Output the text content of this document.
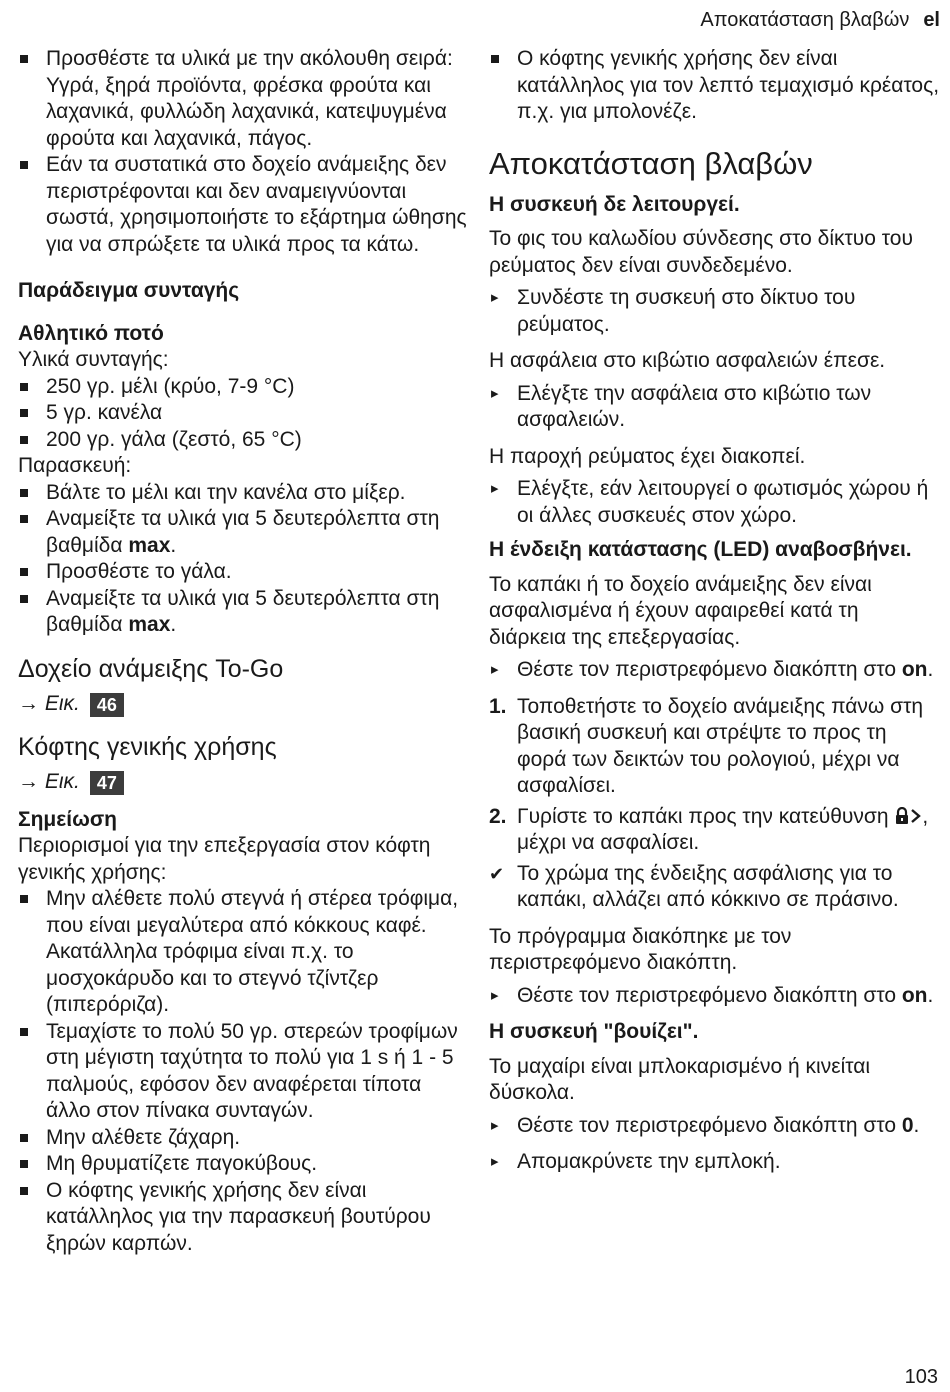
Αποκατάσταση βλαβών el

Προσθέστε τα υλικά με την ακόλουθη σειρά: Υγρά, ξηρά προϊόντα, φρέσκα φρούτα και λαχανικά, φυλλώδη λαχανικά, κατεψυγμένα φρούτα και λαχανικά, πάγος.

Εάν τα συστατικά στο δοχείο ανάμειξης δεν περιστρέφονται και δεν αναμειγνύονται σωστά, χρησιμοποιήστε το εξάρτημα ώθησης για να σπρώξετε τα υλικά προς τα κάτω.

Παράδειγμα συνταγής

Αθλητικό ποτό

Υλικά συνταγής:

250 γρ. μέλι (κρύο, 7-9 °C)

5 γρ. κανέλα

200 γρ. γάλα (ζεστό, 65 °C)

Παρασκευή:

Βάλτε το μέλι και την κανέλα στο μίξερ.

Αναμείξτε τα υλικά για 5 δευτερόλεπτα στη βαθμίδα max.

Προσθέστε το γάλα.

Αναμείξτε τα υλικά για 5 δευτερόλεπτα στη βαθμίδα max.

Δοχείο ανάμειξης To-Go

→ Εικ. 46

Κόφτης γενικής χρήσης

→ Εικ. 47

Σημείωση

Περιορισμοί για την επεξεργασία στον κόφτη γενικής χρήσης:

Μην αλέθετε πολύ στεγνά ή στέρεα τρόφιμα, που είναι μεγαλύτερα από κόκκους καφέ. Ακατάλληλα τρόφιμα είναι π.χ. το μοσχοκάρυδο και το στεγνό τζίντζερ (πιπερόριζα).

Τεμαχίστε το πολύ 50 γρ. στερεών τροφίμων στη μέγιστη ταχύτητα το πολύ για 1 s ή 1 - 5 παλμούς, εφόσον δεν αναφέρεται τίποτα άλλο στον πίνακα συνταγών.

Μην αλέθετε ζάχαρη.

Μη θρυματίζετε παγοκύβους.

Ο κόφτης γενικής χρήσης δεν είναι κατάλληλος για την παρασκευή βουτύρου ξηρών καρπών.

Ο κόφτης γενικής χρήσης δεν είναι κατάλληλος για τον λεπτό τεμαχισμό κρέατος, π.χ. για μπολονέζε.

Αποκατάσταση βλαβών

Η συσκευή δε λειτουργεί.

Το φις του καλωδίου σύνδεσης στο δίκτυο του ρεύματος δεν είναι συνδεδεμένο.

▸ Συνδέστε τη συσκευή στο δίκτυο του ρεύματος.

Η ασφάλεια στο κιβώτιο ασφαλειών έπεσε.

▸ Ελέγξτε την ασφάλεια στο κιβώτιο των ασφαλειών.

Η παροχή ρεύματος έχει διακοπεί.

▸ Ελέγξτε, εάν λειτουργεί ο φωτισμός χώρου ή οι άλλες συσκευές στον χώρο.

Η ένδειξη κατάστασης (LED) αναβοσβήνει.

Το καπάκι ή το δοχείο ανάμειξης δεν είναι ασφαλισμένα ή έχουν αφαιρεθεί κατά τη διάρκεια της επεξεργασίας.

▸ Θέστε τον περιστρεφόμενο διακόπτη στο on.

1. Τοποθετήστε το δοχείο ανάμειξης πάνω στη βασική συσκευή και στρέψτε το προς τη φορά των δεικτών του ρολογιού, μέχρι να ασφαλίσει.

2. Γυρίστε το καπάκι προς την κατεύθυνση , μέχρι να ασφαλίσει.

✔ Το χρώμα της ένδειξης ασφάλισης για το καπάκι, αλλάζει από κόκκινο σε πράσινο.

Το πρόγραμμα διακόπηκε με τον περιστρεφόμενο διακόπτη.

▸ Θέστε τον περιστρεφόμενο διακόπτη στο on.

Η συσκευή "βουίζει".

Το μαχαίρι είναι μπλοκαρισμένο ή κινείται δύσκολα.

▸ Θέστε τον περιστρεφόμενο διακόπτη στο 0.

▸ Απομακρύνετε την εμπλοκή.

103
